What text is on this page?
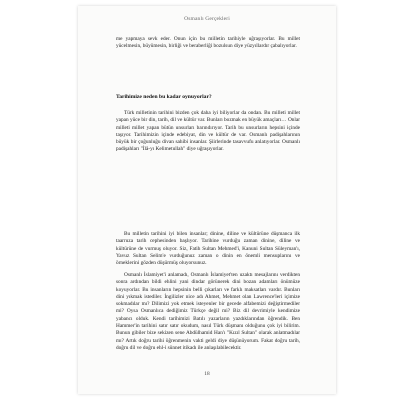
Osmanlı Gerçekleri

me yapmaya sevk eder. Onun için bu milletin tarihiyle uğraşıyorlar. Bu millet yücelmesin, büyümesin, birliği ve beraberliği bozulsun diye yüzyıllardır çabalıyorlar.

Tarihimize neden bu kadar oynuyorlar?

Türk milletinin tarihini bizden çok daha iyi biliyorlar da ondan. Bu milleti millet yapan yüce bir din, tarih, dil ve kültür var. Bunları bozmak en büyük amaçları… Onlar milleti millet yapan bütün unsurları barındırıyor. Tarih bu unsurların hepsini içinde taşıyor. Tarihimizin içinde edebiyat, din ve kültür de var. Osmanlı padişahlarının büyük bir çoğunluğu divan sahibi insanlar. Şiirlerinde tasavvufu anlatıyorlar. Osmanlı padişahları "İlâ-yı Kelimetullah" diye uğraşıyorlar.

Bu milletin tarihini iyi bilen insanlar; dinine, diline ve kültürüne düşmanca ilk taarruza tarih cephesinden başlıyor. Tarihine vurduğu zaman dinine, diline ve kültürüne de vurmuş oluyor. Siz, Fatih Sultan Mehmed'i, Kanuni Sultan Süleyman'ı, Yavuz Sultan Selim'e vurduğunuz zaman o dinin en önemli mensuplarını ve örneklerini gözden düşürmüş oluyorsunuz.

Osmanlı İslamiyet'i anlamadı, Osmanlı İslamiyet'ten uzaktı mesajlarını verdikten sonra ardından bildi ehlini yani dindar görünerek dini bozan adamları önümüze koyuyorlar. Bu insanların hepsinin belli çıkarları ve farklı maksatları vardır. Bunları dini yıkmak istediler. İngilizler nice adı Ahmet, Mehmet olan Lawrence'leri içimize sokmadılar mı? Dilimizi yok etmek isteyenler bir gecede alfabemizi değiştirmediler mi? Oysa Osmanlıca dediğimiz Türkçe değil mi? Biz dil devrimiyle kendimize yabancı olduk. Kendi tarihimizi Batılı yazarların yazdıklarından öğrendik. Ben Hammer'in tarihini satır satır okudum, nasıl Türk düşmanı olduğunu çok iyi bilirim. Bunun gibiler bize sekizen sene Abdülhamid Han'ı "Kızıl Sultan" olarak anlatmadılar mı? Artık doğru tarihi öğrenmenin vakti geldi diye düşünüyorum. Fakat doğru tarih, doğru dil ve doğru ehl-i sünnet itikadı ile anlaşılabilecektir.

18
